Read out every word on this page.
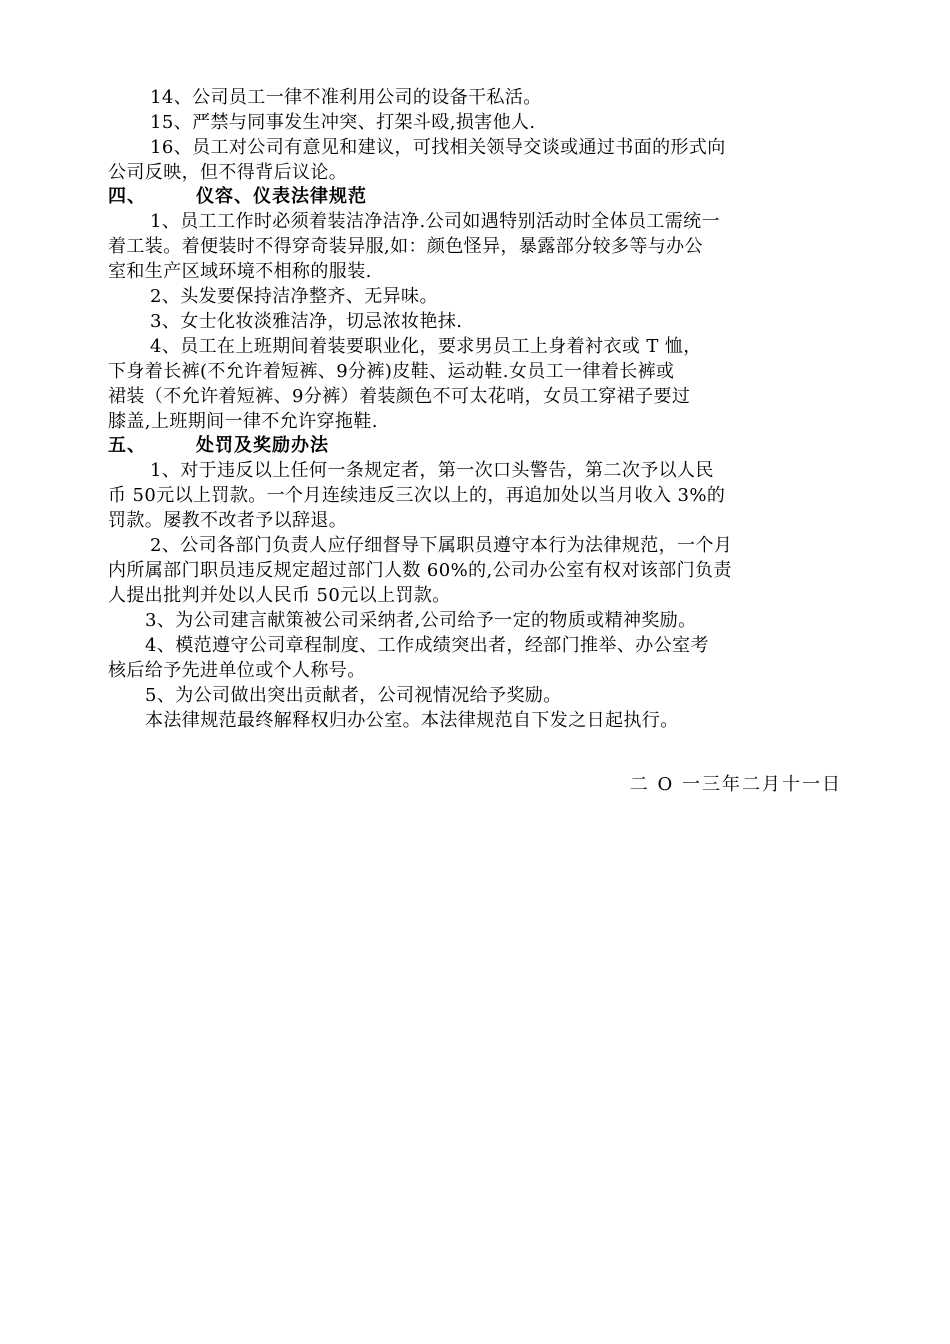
14、公司员工一律不准利用公司的设备干私活。
15、严禁与同事发生冲突、打架斗殴,损害他人.
16、员工对公司有意见和建议，可找相关领导交谈或通过书面的形式向
公司反映，但不得背后议论。
四、	仪容、仪表法律规范
1、员工工作时必须着装洁净洁净.公司如遇特别活动时全体员工需统一
着工装。着便装时不得穿奇装异服,如：颜色怪异，暴露部分较多等与办公
室和生产区域环境不相称的服装.
2、头发要保持洁净整齐、无异味。
3、女士化妆淡雅洁净，切忌浓妆艳抹.
4、员工在上班期间着装要职业化，要求男员工上身着衬衣或 T 恤，
下身着长裤(不允许着短裤、9分裤)皮鞋、运动鞋.女员工一律着长裤或
裙装（不允许着短裤、9分裤）着装颜色不可太花哨，女员工穿裙子要过
膝盖,上班期间一律不允许穿拖鞋.
五、	处罚及奖励办法
1、对于违反以上任何一条规定者，第一次口头警告，第二次予以人民
币 50元以上罚款。一个月连续违反三次以上的，再追加处以当月收入 3%的
罚款。屡教不改者予以辞退。
2、公司各部门负责人应仔细督导下属职员遵守本行为法律规范，一个月
内所属部门职员违反规定超过部门人数 60%的,公司办公室有权对该部门负责
人提出批判并处以人民币 50元以上罚款。
3、为公司建言献策被公司采纳者,公司给予一定的物质或精神奖励。
4、模范遵守公司章程制度、工作成绩突出者，经部门推举、办公室考
核后给予先进单位或个人称号。
5、为公司做出突出贡献者，公司视情况给予奖励。
本法律规范最终解释权归办公室。本法律规范自下发之日起执行。
二 O 一三年二月十一日
